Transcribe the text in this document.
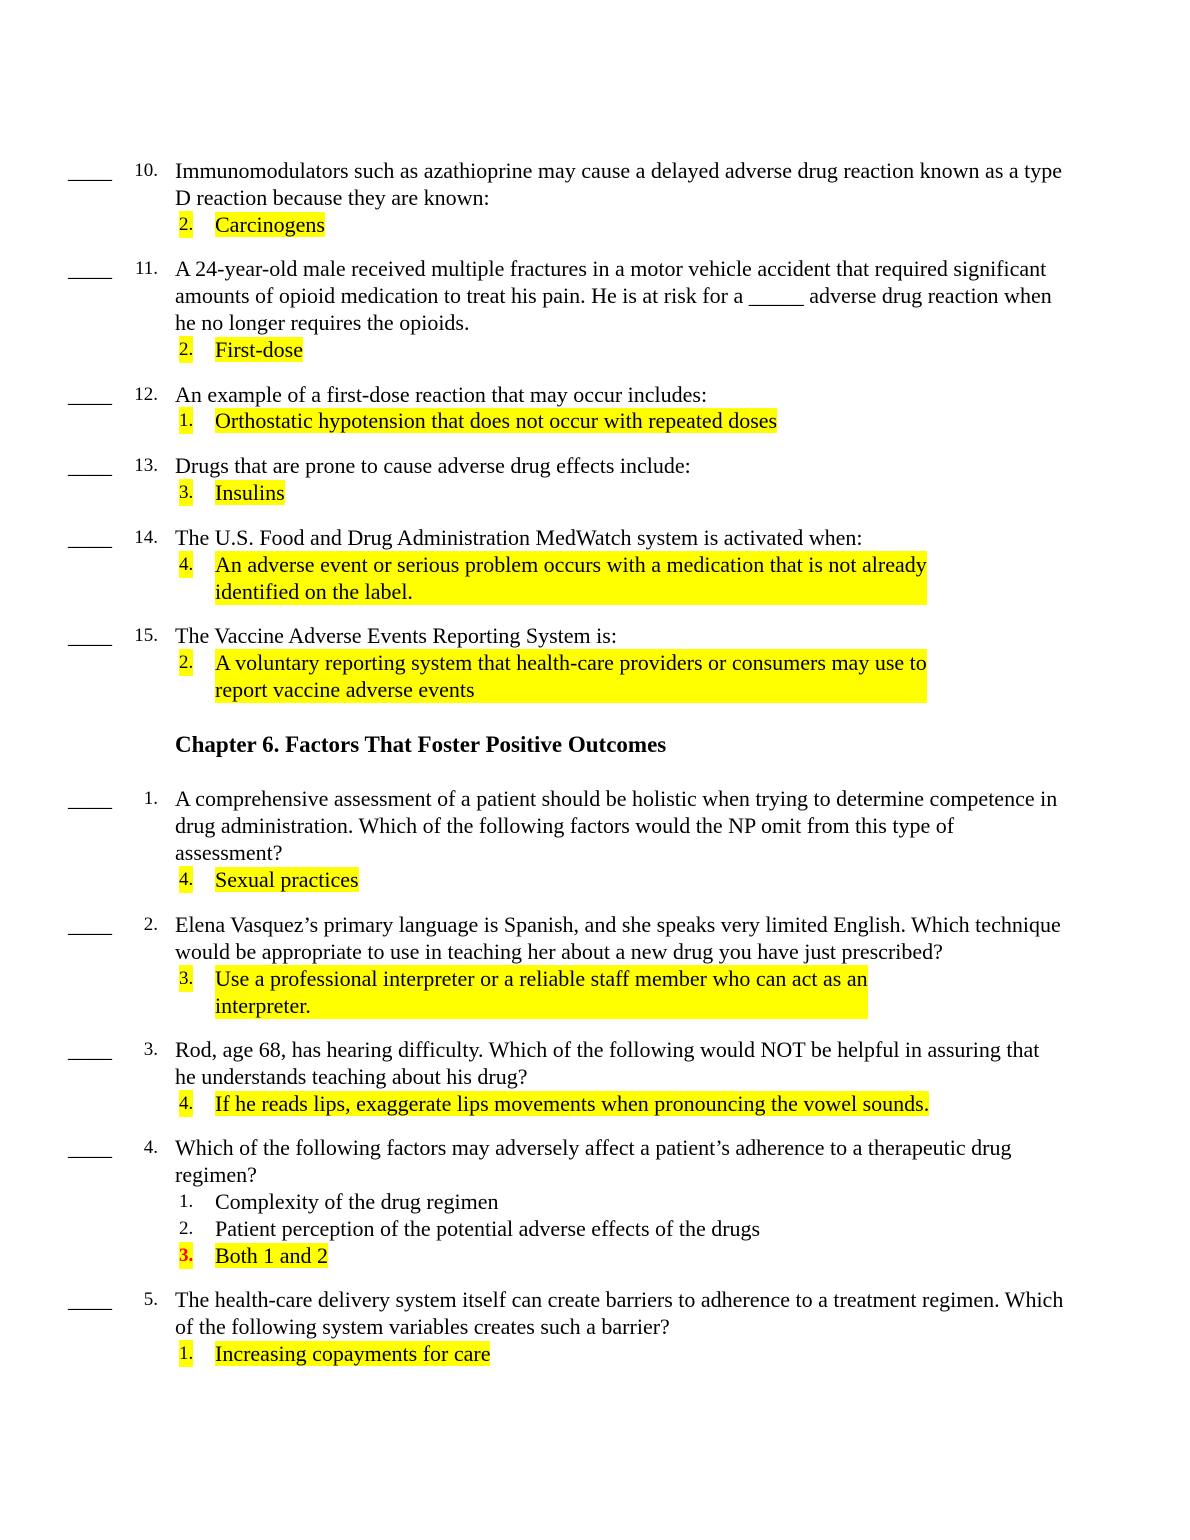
____	10. Immunomodulators such as azathioprine may cause a delayed adverse drug reaction known as a type
D reaction because they are known:
2. Carcinogens
____	11. A 24-year-old male received multiple fractures in a motor vehicle accident that required significant
amounts of opioid medication to treat his pain. He is at risk for a _____ adverse drug reaction when
he no longer requires the opioids.
2. First-dose
____	12. An example of a first-dose reaction that may occur includes:
1. Orthostatic hypotension that does not occur with repeated doses
____	13. Drugs that are prone to cause adverse drug effects include:
3. Insulins
____	14. The U.S. Food and Drug Administration MedWatch system is activated when:
4. An adverse event or serious problem occurs with a medication that is not already
identified on the label.
____	15. The Vaccine Adverse Events Reporting System is:
2. A voluntary reporting system that health-care providers or consumers may use to
report vaccine adverse events
Chapter 6. Factors That Foster Positive Outcomes
____	1. A comprehensive assessment of a patient should be holistic when trying to determine competence in
drug administration. Which of the following factors would the NP omit from this type of
assessment?
4. Sexual practices
____	2. Elena Vasquez’s primary language is Spanish, and she speaks very limited English. Which technique
would be appropriate to use in teaching her about a new drug you have just prescribed?
3. Use a professional interpreter or a reliable staff member who can act as an
interpreter.
____	3. Rod, age 68, has hearing difficulty. Which of the following would NOT be helpful in assuring that
he understands teaching about his drug?
4. If he reads lips, exaggerate lips movements when pronouncing the vowel sounds.
____	4. Which of the following factors may adversely affect a patient’s adherence to a therapeutic drug
regimen?
1. Complexity of the drug regimen
2. Patient perception of the potential adverse effects of the drugs
3. Both 1 and 2
____	5. The health-care delivery system itself can create barriers to adherence to a treatment regimen. Which
of the following system variables creates such a barrier?
1. Increasing copayments for care
